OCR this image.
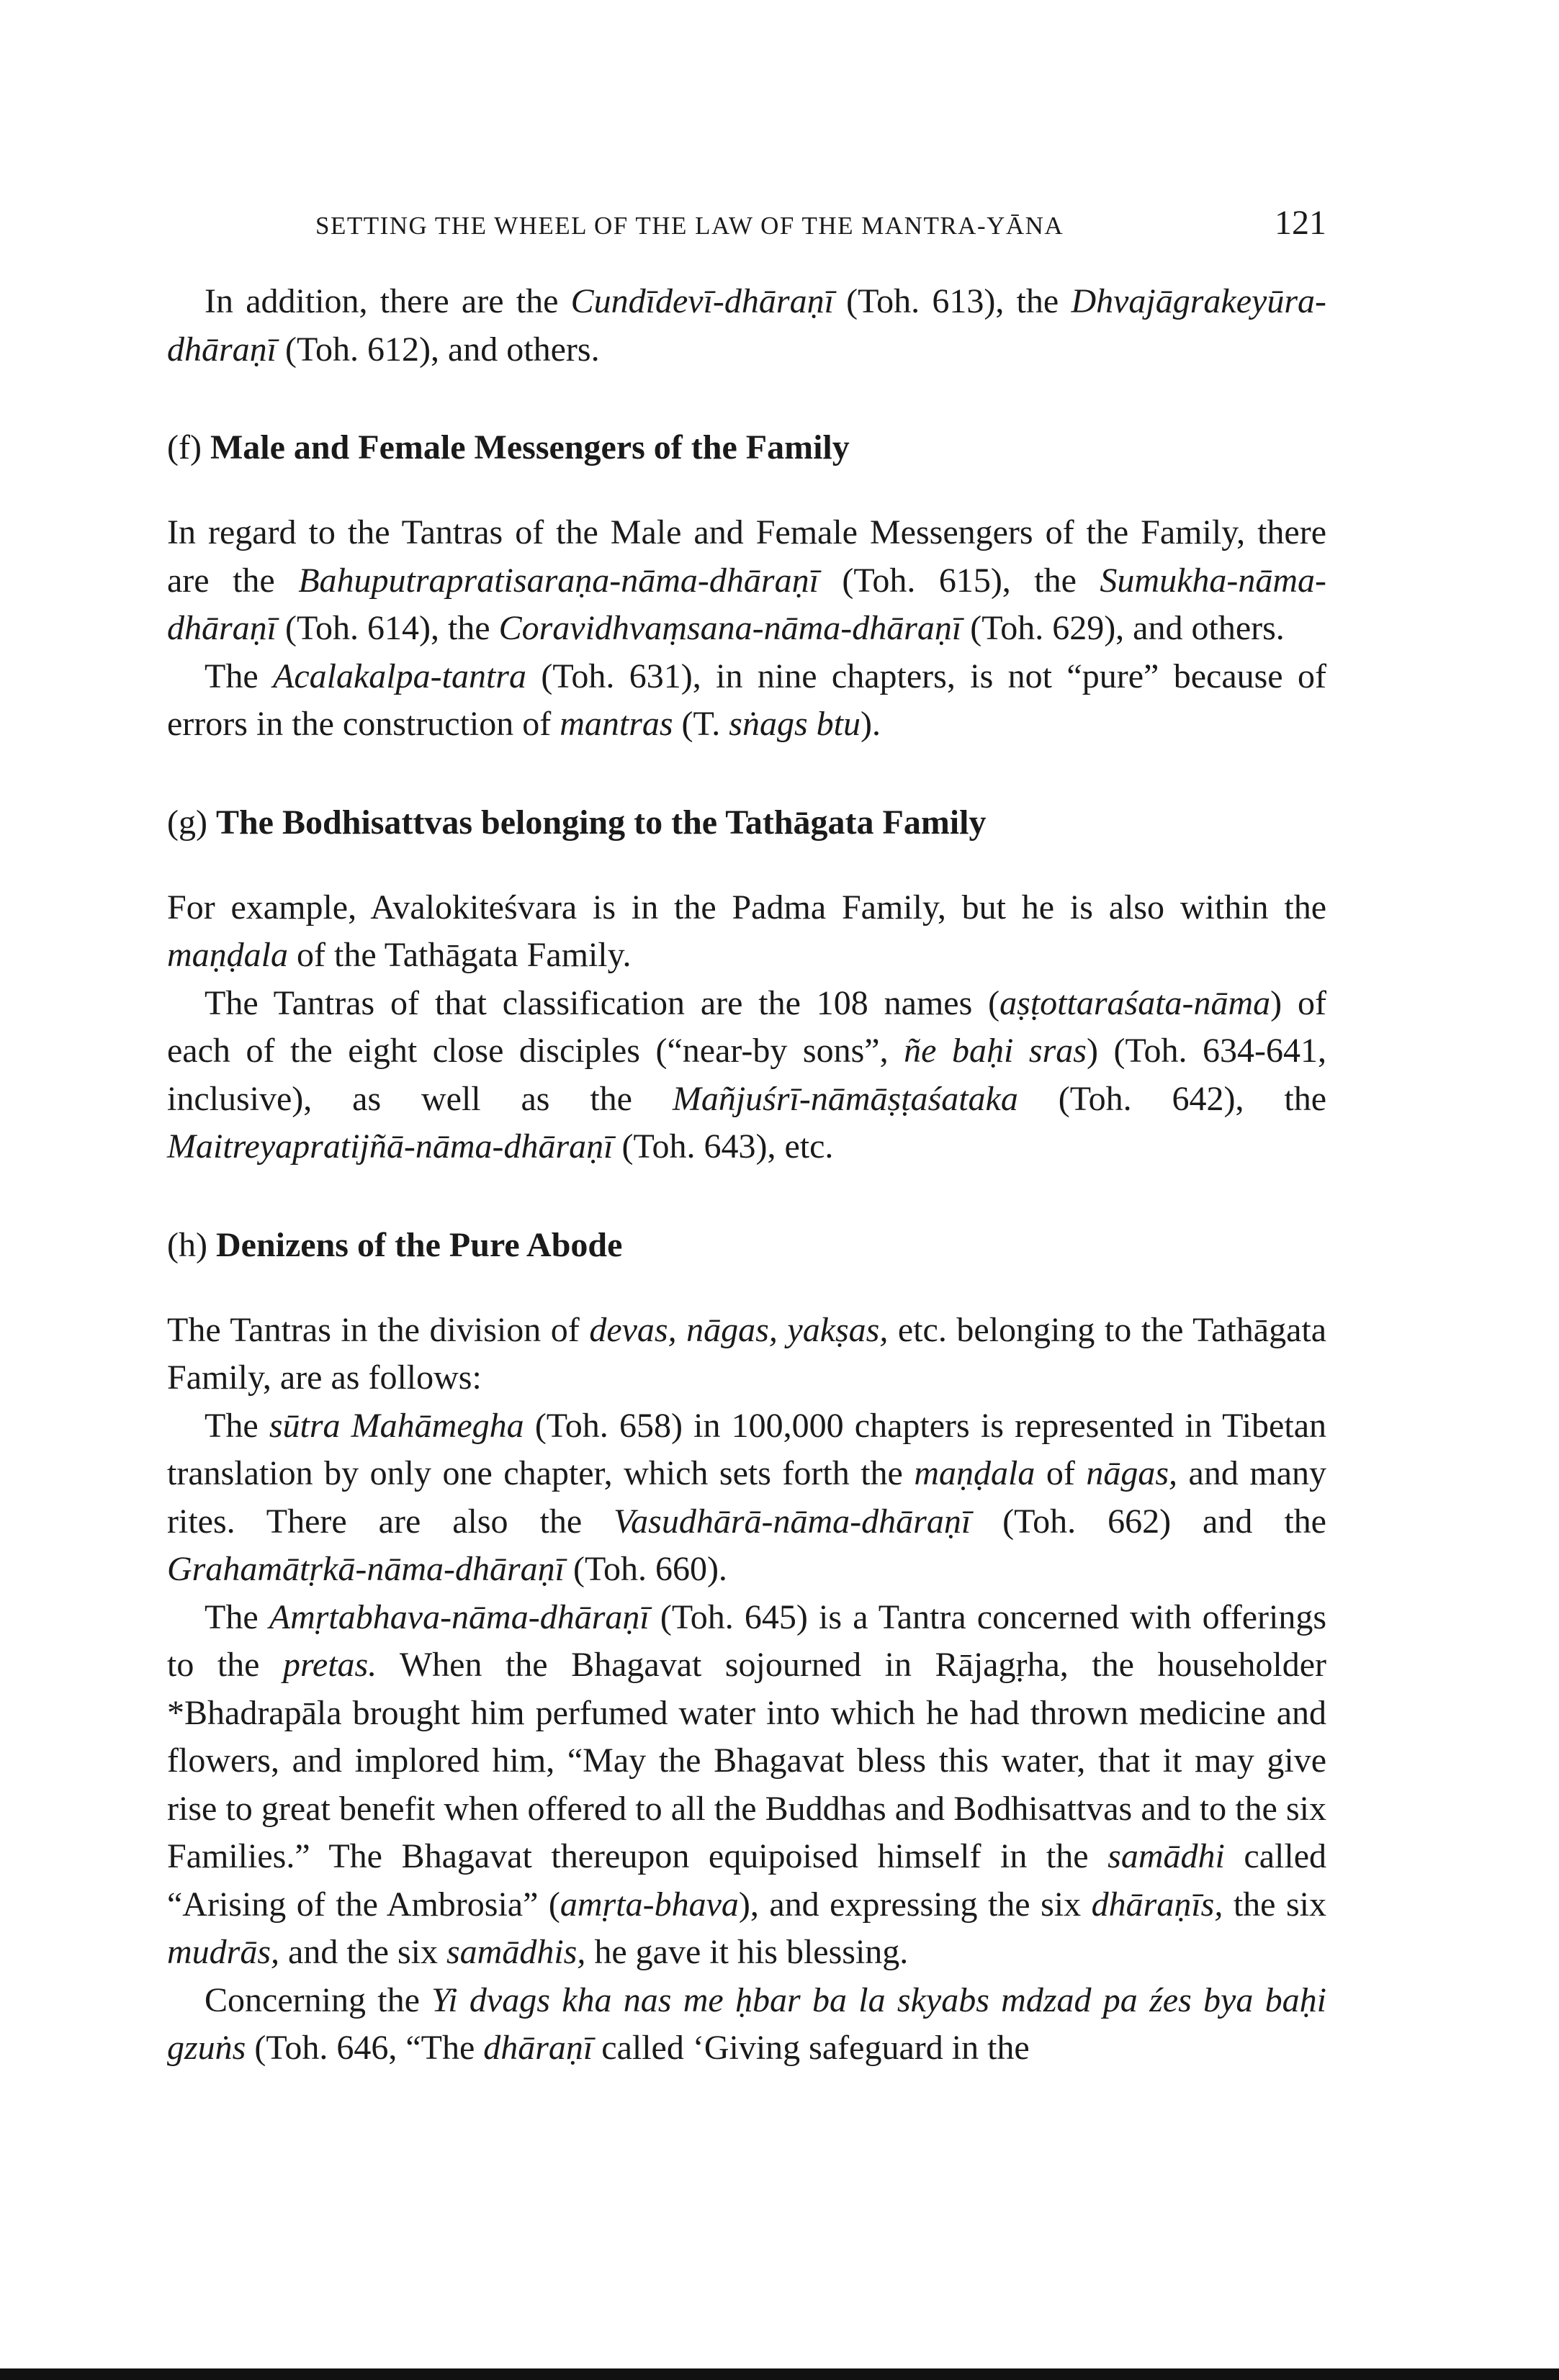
SETTING THE WHEEL OF THE LAW OF THE MANTRA-YĀNA	121

In addition, there are the Cundīdevī-dhāraṇī (Toh. 613), the Dhvajāgrakeyūra-dhāraṇī (Toh. 612), and others.

(f) Male and Female Messengers of the Family

In regard to the Tantras of the Male and Female Messengers of the Family, there are the Bahuputrapratisaraṇa-nāma-dhāraṇī (Toh. 615), the Sumukha-nāma-dhāraṇī (Toh. 614), the Coravidhvaṃsana-nāma-dhāraṇī (Toh. 629), and others.

The Acalakalpa-tantra (Toh. 631), in nine chapters, is not “pure” because of errors in the construction of mantras (T. sṅags btu).

(g) The Bodhisattvas belonging to the Tathāgata Family

For example, Avalokiteśvara is in the Padma Family, but he is also within the maṇḍala of the Tathāgata Family.

The Tantras of that classification are the 108 names (aṣṭottaraśata-nāma) of each of the eight close disciples (“near-by sons”, ñe baḥi sras) (Toh. 634-641, inclusive), as well as the Mañjuśrī-nāmāṣṭaśataka (Toh. 642), the Maitreyapratijñā-nāma-dhāraṇī (Toh. 643), etc.

(h) Denizens of the Pure Abode

The Tantras in the division of devas, nāgas, yakṣas, etc. belonging to the Tathāgata Family, are as follows:

The sūtra Mahāmegha (Toh. 658) in 100,000 chapters is represented in Tibetan translation by only one chapter, which sets forth the maṇḍala of nāgas, and many rites. There are also the Vasudhārā-nāma-dhāraṇī (Toh. 662) and the Grahamātṛkā-nāma-dhāraṇī (Toh. 660).

The Amṛtabhava-nāma-dhāraṇī (Toh. 645) is a Tantra concerned with offerings to the pretas. When the Bhagavat sojourned in Rājagṛha, the householder *Bhadrapāla brought him perfumed water into which he had thrown medicine and flowers, and implored him, “May the Bhagavat bless this water, that it may give rise to great benefit when offered to all the Buddhas and Bodhisattvas and to the six Families.” The Bhagavat thereupon equipoised himself in the samādhi called “Arising of the Ambrosia” (amṛta-bhava), and expressing the six dhāraṇīs, the six mudrās, and the six samādhis, he gave it his blessing.

Concerning the Yi dvags kha nas me ḥbar ba la skyabs mdzad pa źes bya baḥi gzuṅs (Toh. 646, “The dhāraṇī called ‘Giving safeguard in the
